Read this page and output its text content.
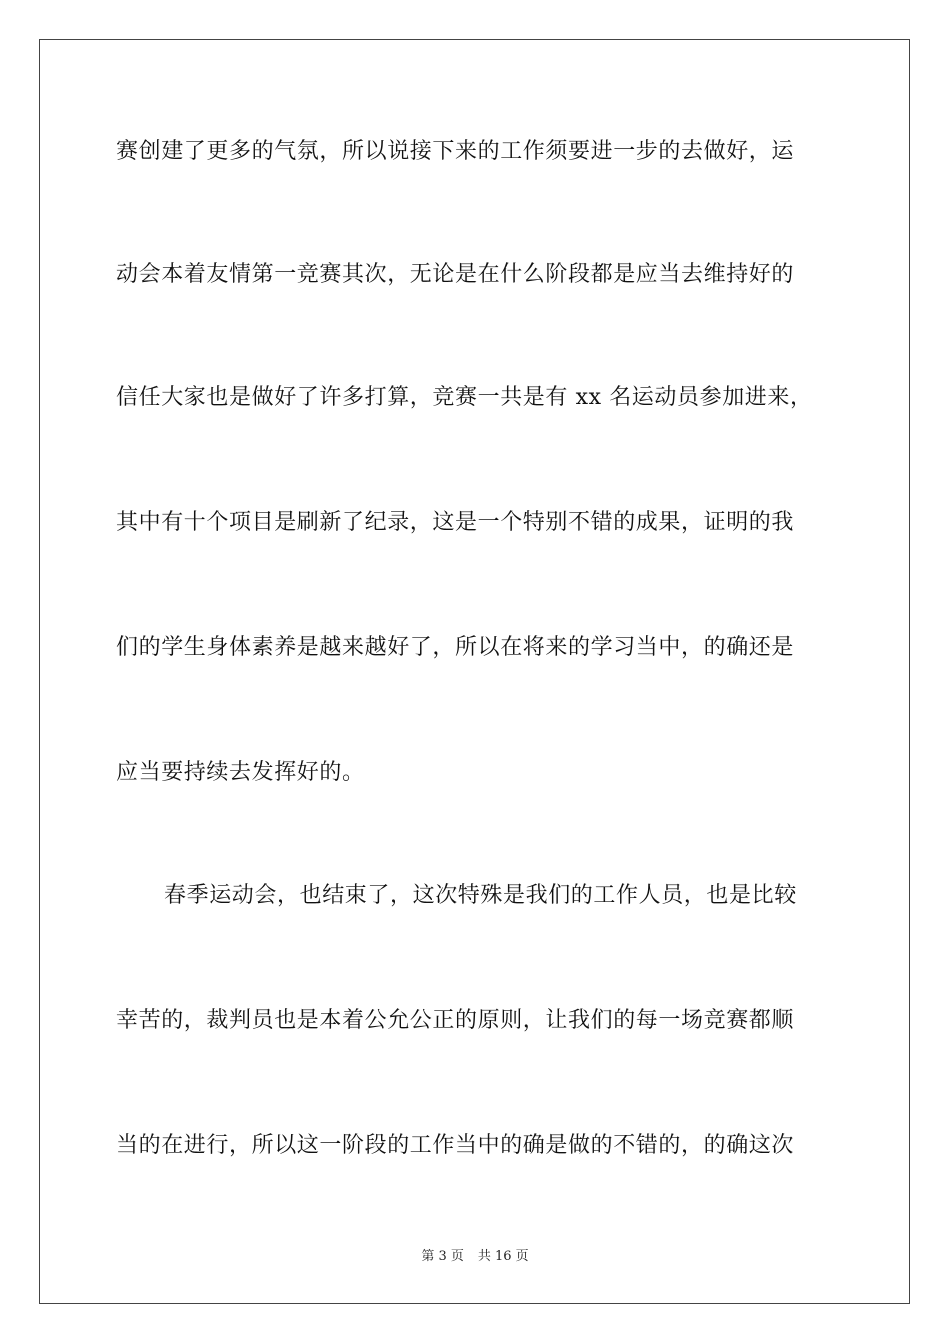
赛创建了更多的气氛，所以说接下来的工作须要进一步的去做好，运
动会本着友情第一竞赛其次，无论是在什么阶段都是应当去维持好的
信任大家也是做好了许多打算，竞赛一共是有 xx 名运动员参加进来，
其中有十个项目是刷新了纪录，这是一个特别不错的成果，证明的我
们的学生身体素养是越来越好了，所以在将来的学习当中，的确还是
应当要持续去发挥好的。
春季运动会，也结束了，这次特殊是我们的工作人员，也是比较
幸苦的，裁判员也是本着公允公正的原则，让我们的每一场竞赛都顺
当的在进行，所以这一阶段的工作当中的确是做的不错的，的确这次
第 3 页 共 16 页
